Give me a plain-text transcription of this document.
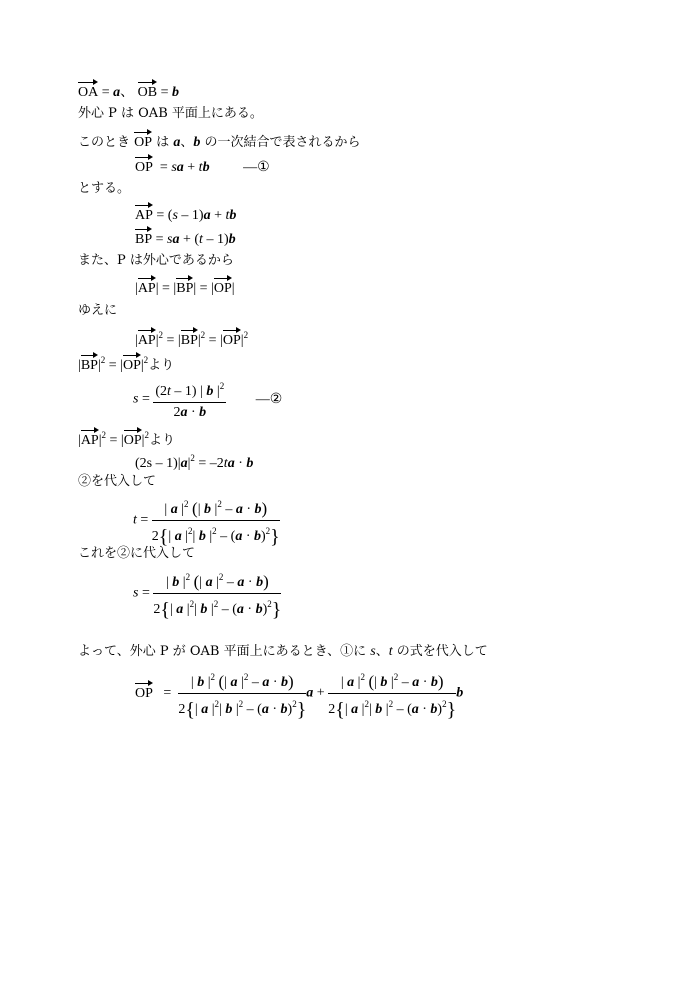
OA = a、 OB = b
外心 P は OAB 平面上にある。
このとき OP は a、b の一次結合で表されるから
OP  = sa + tb ―①
とする。
AP = (s – 1)a + tb
BP = sa + (t – 1)b
また、P は外心であるから
|AP| = |BP| = |OP|
ゆえに
$|AP|^2 = |BP|^2 = |OP|^2$
$|BP|^2 = |OP|^2$より
$s = \frac{(2t - 1) | b |^2}{2a \cdot b}$ ―②
$|AP|^2 = |OP|^2$より
$(2s - 1)|a|^2 = -2ta \cdot b$
②を代入して
$t = \frac{| a |^2 (| b |^2 - a \cdot b)}{2\{| a |^2| b |^2 - (a \cdot b)^2\}}$
これを②に代入して
$s = \frac{| b |^2 (| a |^2 - a \cdot b)}{2\{| a |^2| b |^2 - (a \cdot b)^2\}}$
よって、外心 P が OAB 平面上にあるとき、①に s、t の式を代入して
OP   = $\frac{| b |^2 (| a |^2 - a \cdot b)}{2\{| a |^2| b |^2 - (a \cdot b)^2\}}$ $a + \frac{| a |^2 (| b |^2 - a \cdot b)}{2\{| a |^2| b |^2 - (a \cdot b)^2\}}$ b
